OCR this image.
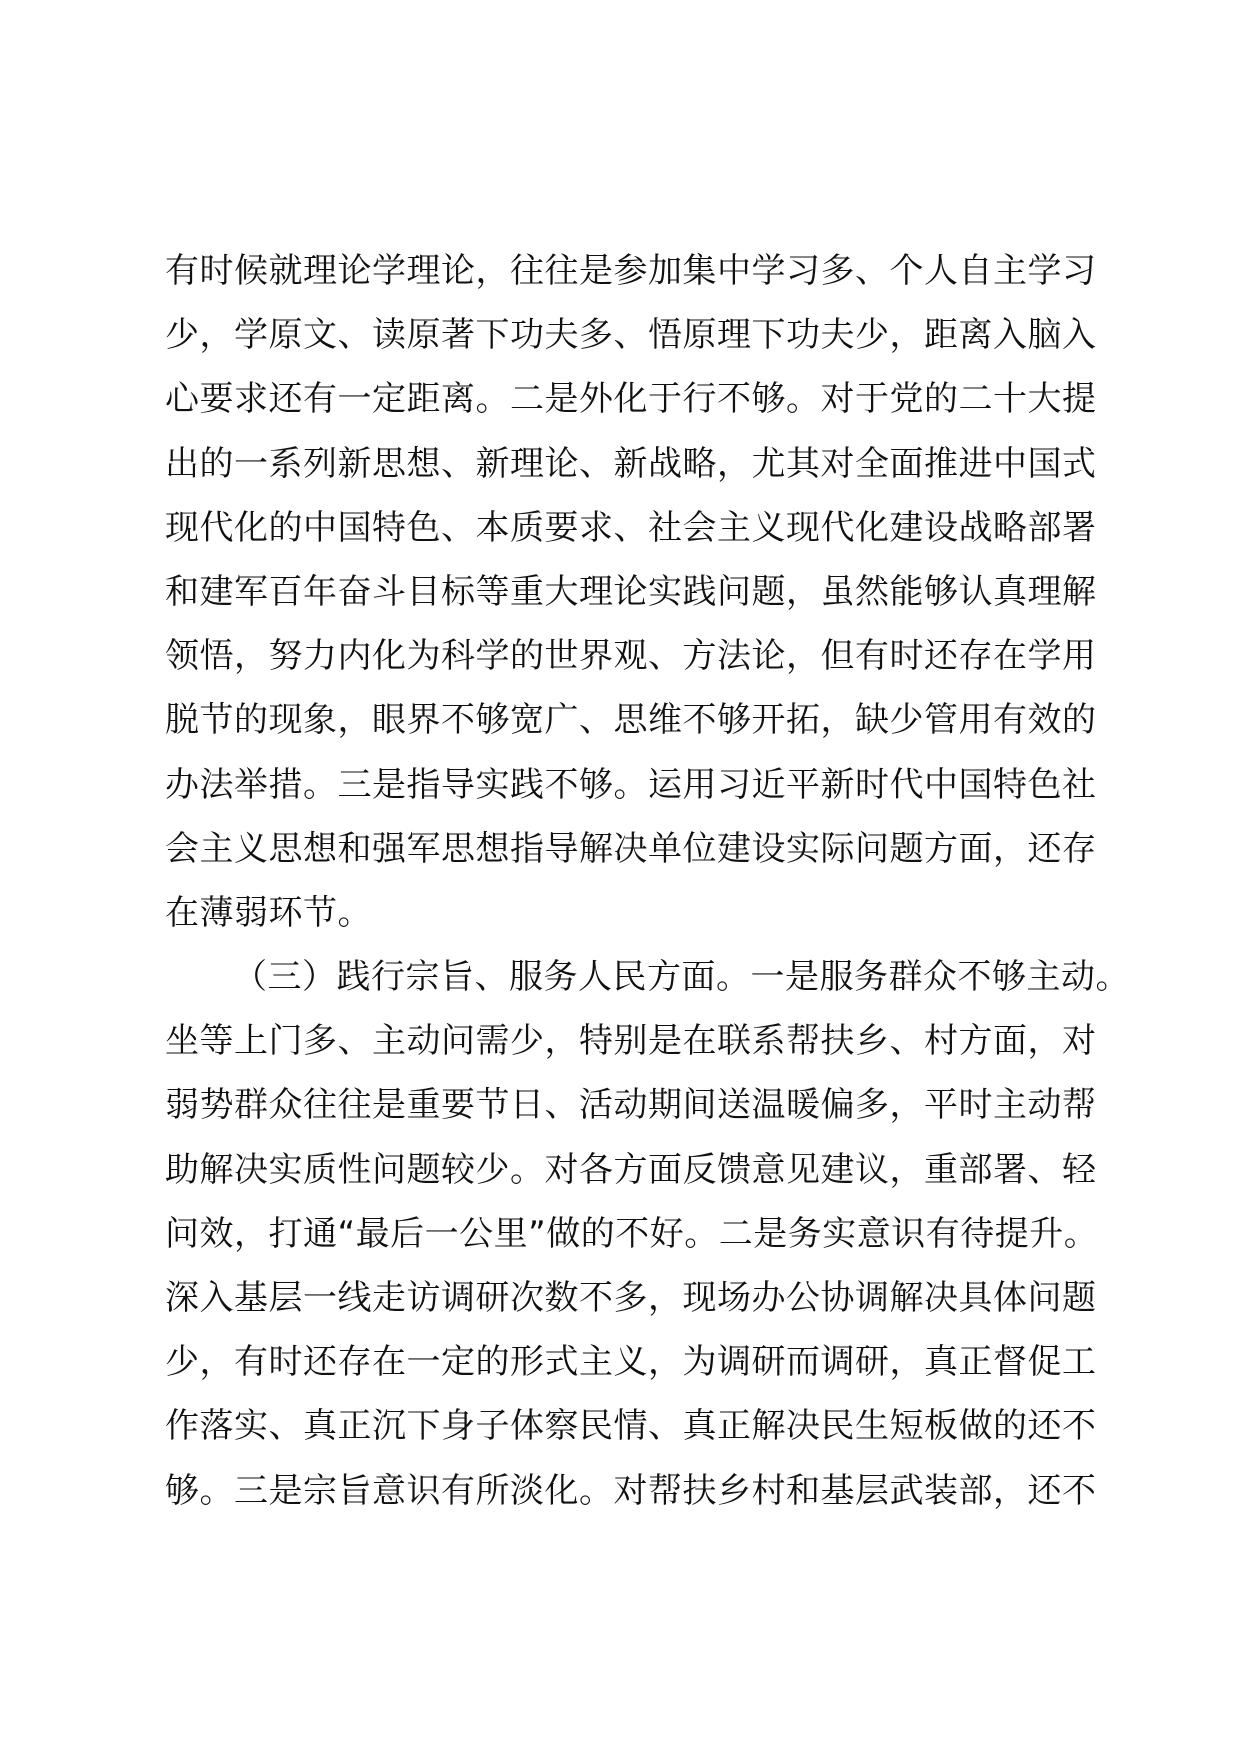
有时候就理论学理论，往往是参加集中学习多、个人自主学习
少，学原文、读原著下功夫多、悟原理下功夫少，距离入脑入
心要求还有一定距离。二是外化于行不够。对于党的二十大提
出的一系列新思想、新理论、新战略，尤其对全面推进中国式
现代化的中国特色、本质要求、社会主义现代化建设战略部署
和建军百年奋斗目标等重大理论实践问题，虽然能够认真理解
领悟，努力内化为科学的世界观、方法论，但有时还存在学用
脱节的现象，眼界不够宽广、思维不够开拓，缺少管用有效的
办法举措。三是指导实践不够。运用习近平新时代中国特色社
会主义思想和强军思想指导解决单位建设实际问题方面，还存
在薄弱环节。
（三）践行宗旨、服务人民方面。一是服务群众不够主动。
坐等上门多、主动问需少，特别是在联系帮扶乡、村方面，对
弱势群众往往是重要节日、活动期间送温暖偏多，平时主动帮
助解决实质性问题较少。对各方面反馈意见建议，重部署、轻
问效，打通“最后一公里”做的不好。二是务实意识有待提升。
深入基层一线走访调研次数不多，现场办公协调解决具体问题
少，有时还存在一定的形式主义，为调研而调研，真正督促工
作落实、真正沉下身子体察民情、真正解决民生短板做的还不
够。三是宗旨意识有所淡化。对帮扶乡村和基层武装部，还不
